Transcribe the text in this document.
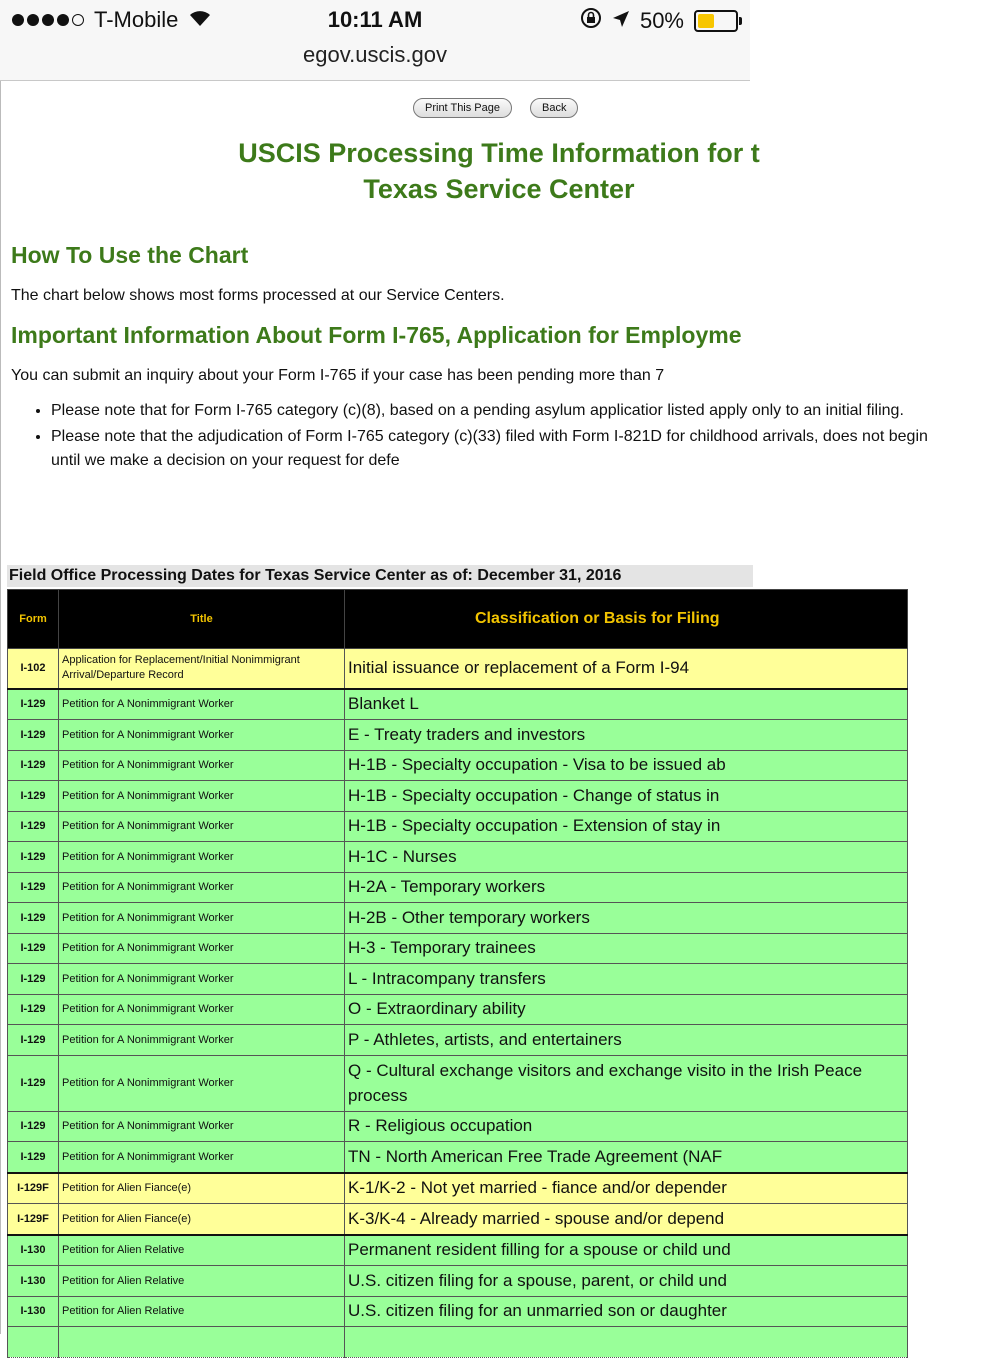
T-Mobile	10:11 AM	50%
egov.uscis.gov
Print This Page	Back
USCIS Processing Time Information for t
Texas Service Center
How To Use the Chart
The chart below shows most forms processed at our Service Centers.
Important Information About Form I-765, Application for Employme
You can submit an inquiry about your Form I-765 if your case has been pending more than 7
• Please note that for Form I-765 category (c)(8), based on a pending asylum applicatior listed apply only to an initial filing.
• Please note that the adjudication of Form I-765 category (c)(33) filed with Form I-821D for childhood arrivals, does not begin until we make a decision on your request for defe
Field Office Processing Dates for Texas Service Center as of: December 31, 2016
Form	Title	Classification or Basis for Filing
I-102	Application for Replacement/Initial Nonimmigrant Arrival/Departure Record	Initial issuance or replacement of a Form I-94
I-129	Petition for A Nonimmigrant Worker	Blanket L
I-129	Petition for A Nonimmigrant Worker	E - Treaty traders and investors
I-129	Petition for A Nonimmigrant Worker	H-1B - Specialty occupation - Visa to be issued ab
I-129	Petition for A Nonimmigrant Worker	H-1B - Specialty occupation - Change of status in
I-129	Petition for A Nonimmigrant Worker	H-1B - Specialty occupation - Extension of stay in
I-129	Petition for A Nonimmigrant Worker	H-1C - Nurses
I-129	Petition for A Nonimmigrant Worker	H-2A - Temporary workers
I-129	Petition for A Nonimmigrant Worker	H-2B - Other temporary workers
I-129	Petition for A Nonimmigrant Worker	H-3 - Temporary trainees
I-129	Petition for A Nonimmigrant Worker	L - Intracompany transfers
I-129	Petition for A Nonimmigrant Worker	O - Extraordinary ability
I-129	Petition for A Nonimmigrant Worker	P - Athletes, artists, and entertainers
I-129	Petition for A Nonimmigrant Worker	Q - Cultural exchange visitors and exchange visito in the Irish Peace process
I-129	Petition for A Nonimmigrant Worker	R - Religious occupation
I-129	Petition for A Nonimmigrant Worker	TN - North American Free Trade Agreement (NAF
I-129F	Petition for Alien Fiance(e)	K-1/K-2 - Not yet married - fiance and/or depender
I-129F	Petition for Alien Fiance(e)	K-3/K-4 - Already married - spouse and/or depend
I-130	Petition for Alien Relative	Permanent resident filling for a spouse or child und
I-130	Petition for Alien Relative	U.S. citizen filing for a spouse, parent, or child und
I-130	Petition for Alien Relative	U.S. citizen filing for an unmarried son or daughter
